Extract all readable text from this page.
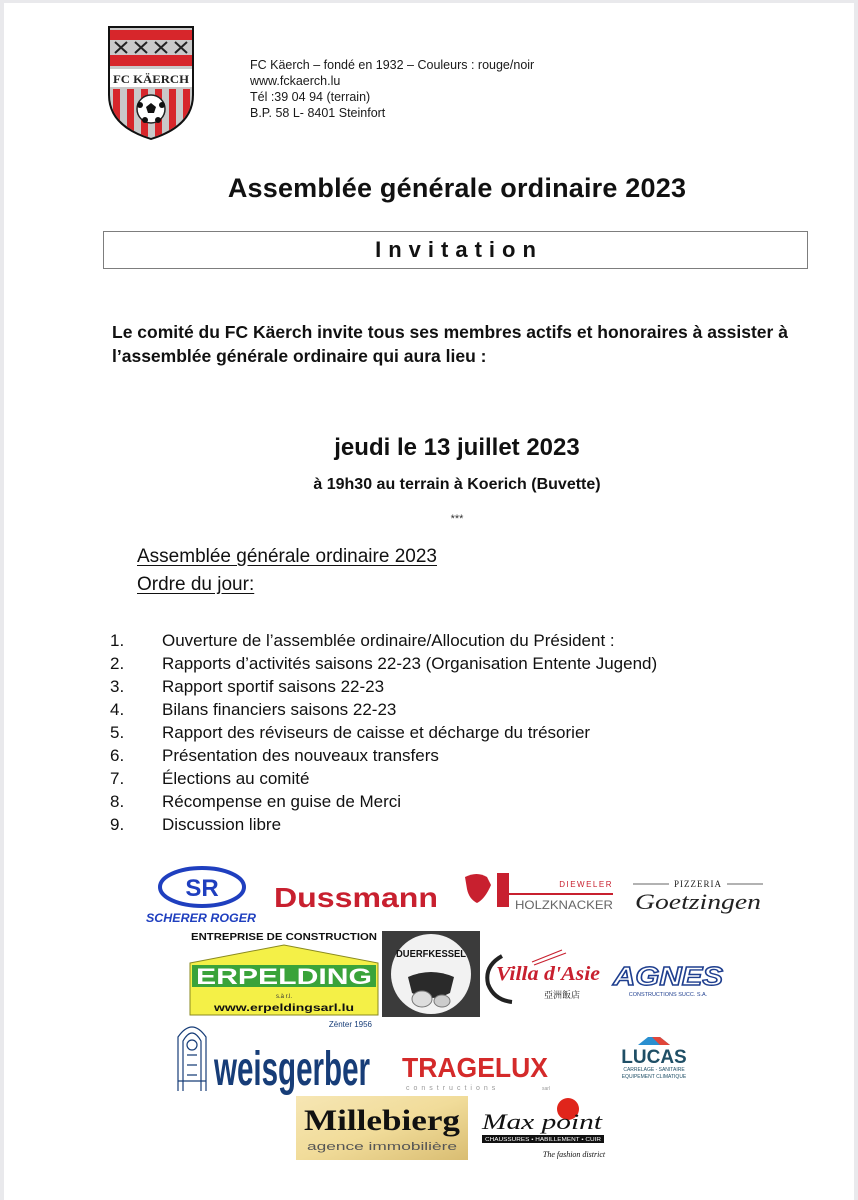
FC KÄERCH
FC Käerch – fondé en 1932 – Couleurs : rouge/noir
www.fckaerch.lu
Tél :39 04 94 (terrain)
B.P. 58 L- 8401 Steinfort
Assemblée générale ordinaire 2023
Invitation
Le comité du FC Käerch invite tous ses membres actifs et honoraires à assister à l’assemblée générale ordinaire qui aura lieu :
jeudi le 13 juillet 2023
à 19h30 au terrain à Koerich (Buvette)
***
Assemblée générale ordinaire 2023
Ordre du jour:
1.	Ouverture de l’assemblée ordinaire/Allocution du Président :
2.	Rapports d’activités saisons 22-23 (Organisation Entente Jugend)
3.	Rapport sportif saisons 22-23
4.	Bilans financiers saisons 22-23
5.	Rapport des réviseurs de caisse et décharge du trésorier
6.	Présentation des nouveaux transfers
7.	Élections au comité
8.	Récompense en guise de Merci
9.	Discussion libre
SR
SCHERER ROGER
Dussmann	DIEWELER
HOLZKNACKER
PIZZERIA
Goetzingen
ENTREPRISE DE CONSTRUCTION
ERPELDING
s.à r.l.
www.erpeldingsarl.lu
DUERFKESSEL
Villa d'Asie
亞洲飯店
AGNES
CONSTRUCTIONS SUCC. S.A.
Zënter 1956
weisgerber TRAGELUX
constructions	sarl
LUCAS
CARRELAGE - SANITAIRE
EQUIPEMENT CLIMATIQUE
Millebierg
agence immobilière
Max point
CHAUSSURES • HABILLEMENT • CUIR
The fashion district
